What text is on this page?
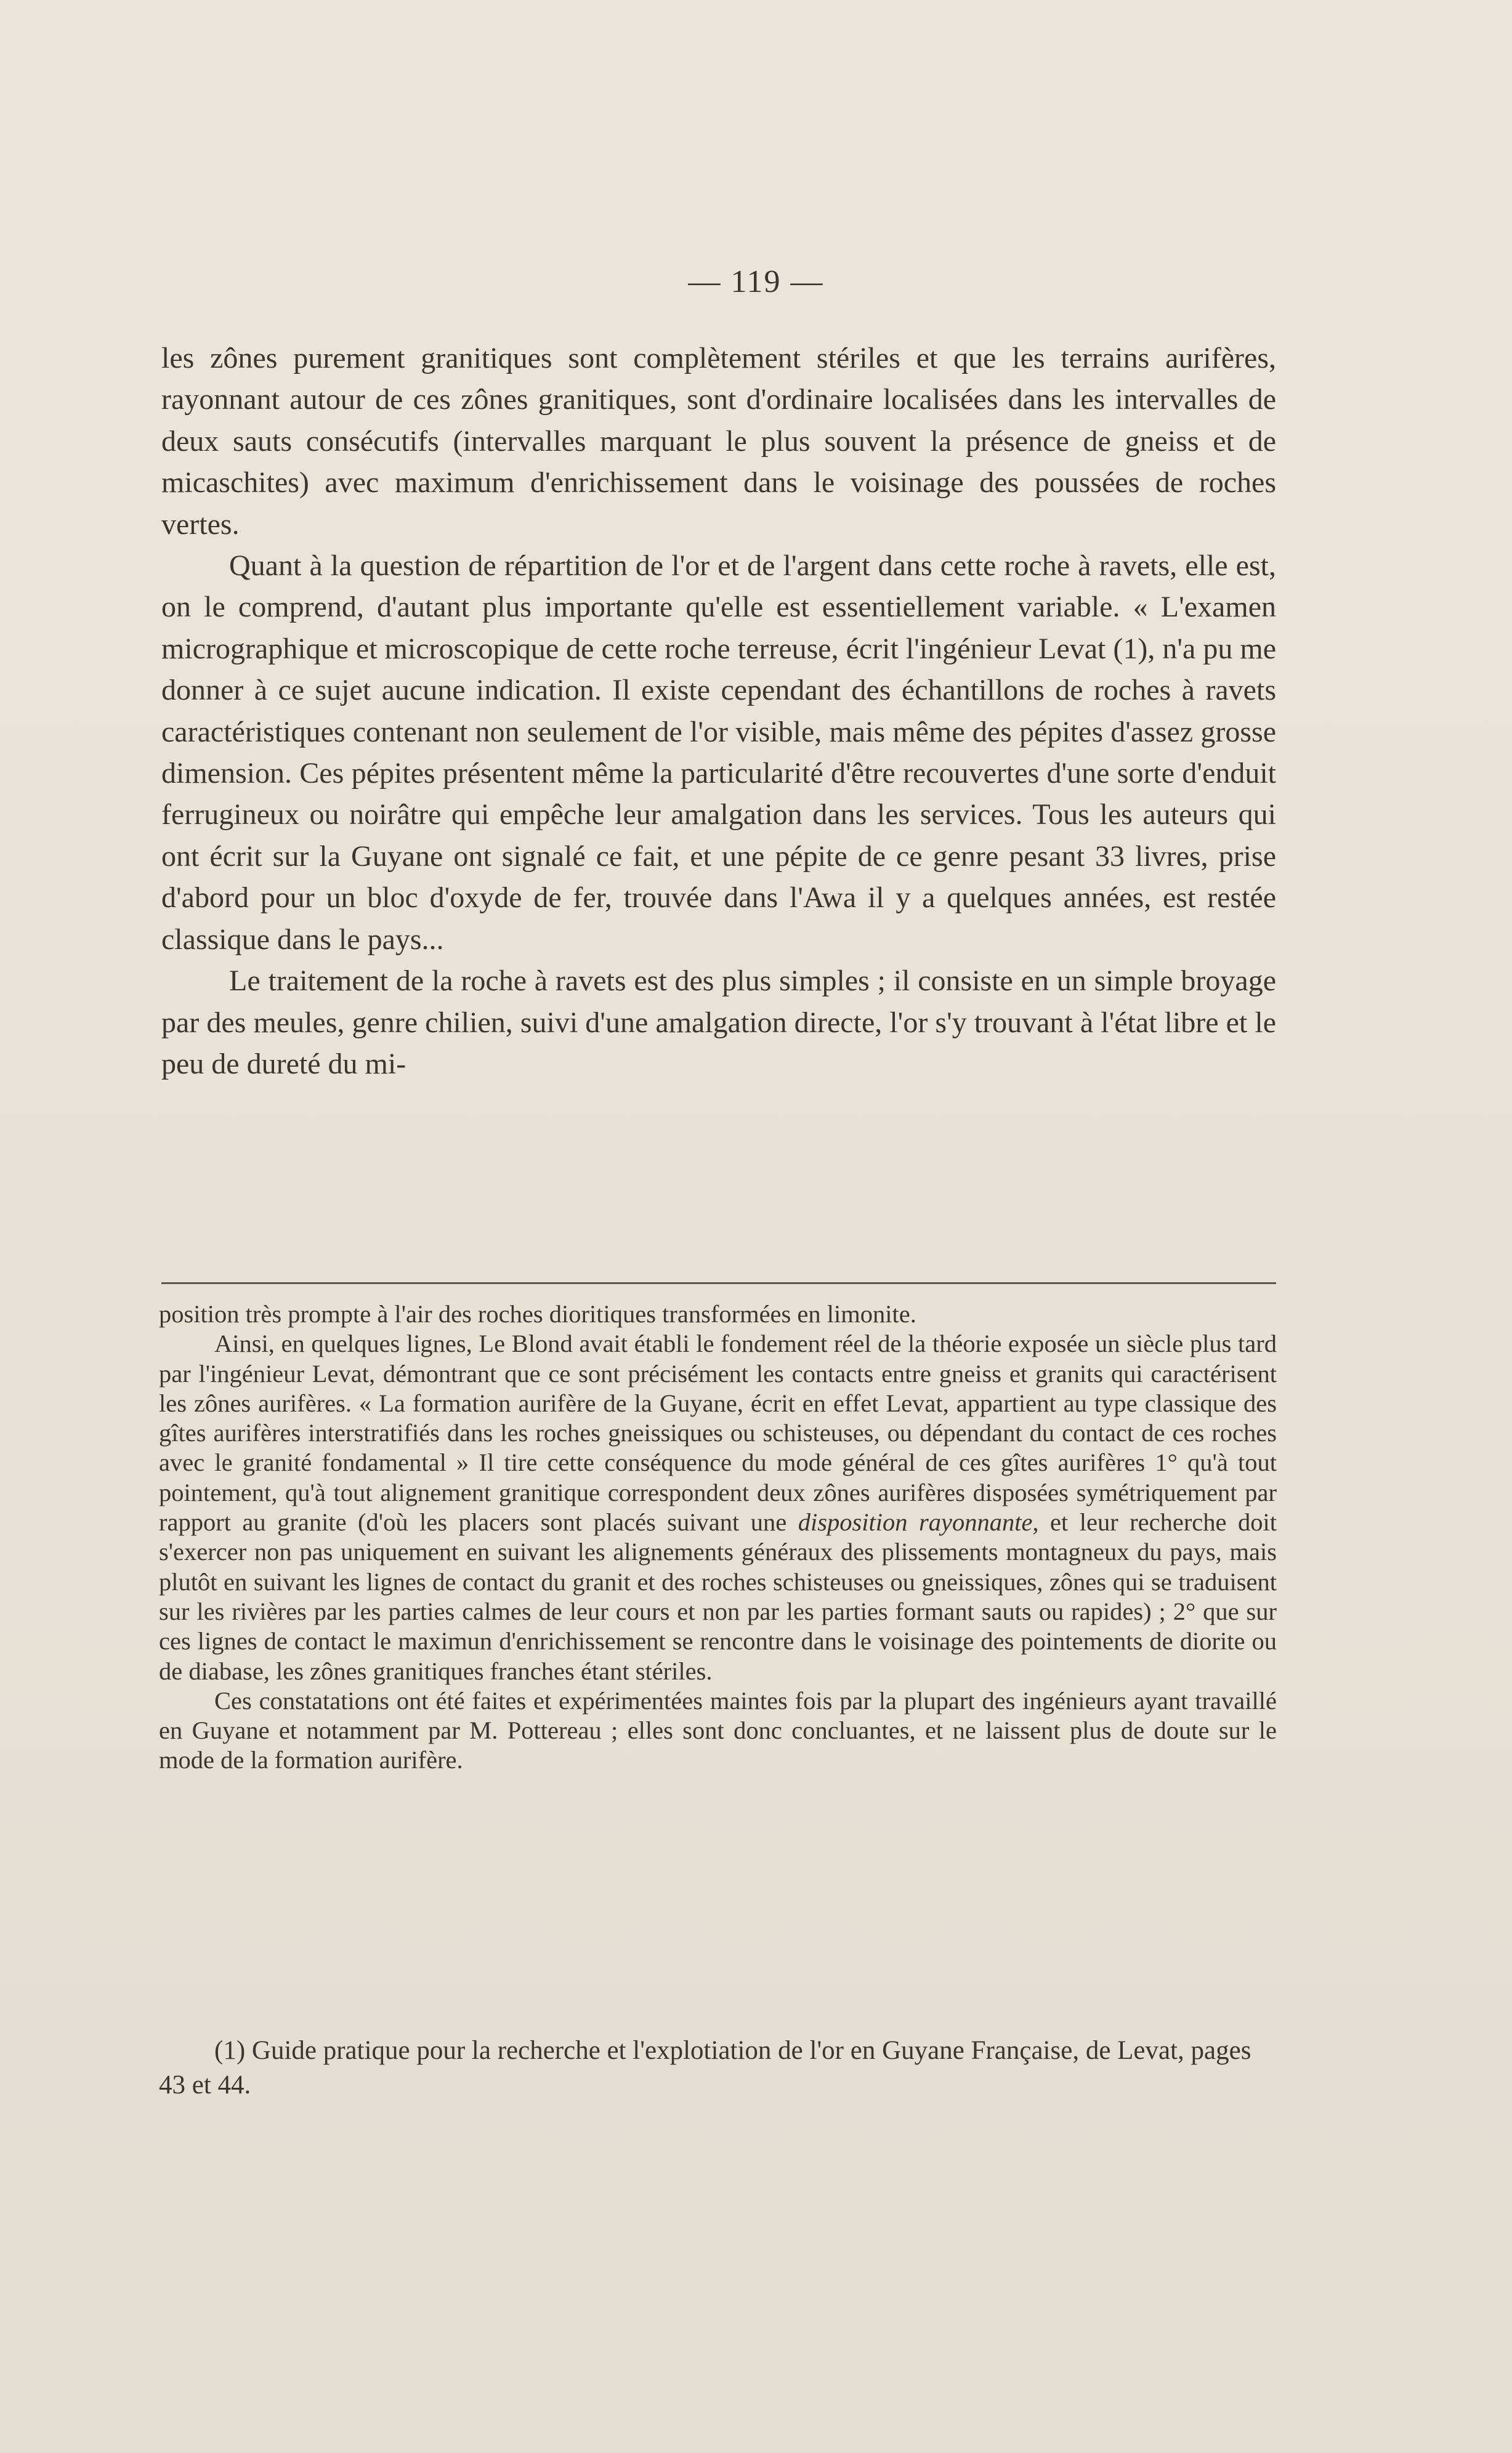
— 119 —

les zônes purement granitiques sont complètement stériles et que les terrains aurifères, rayonnant autour de ces zônes granitiques, sont d'ordinaire localisées dans les intervalles de deux sauts consécutifs (intervalles marquant le plus souvent la présence de gneiss et de micaschites) avec maximum d'enrichissement dans le voisinage des poussées de roches vertes.

Quant à la question de répartition de l'or et de l'argent dans cette roche à ravets, elle est, on le comprend, d'autant plus importante qu'elle est essentiellement variable. « L'examen micrographique et microscopique de cette roche terreuse, écrit l'ingénieur Levat (1), n'a pu me donner à ce sujet aucune indication. Il existe cependant des échantillons de roches à ravets caractéristiques contenant non seulement de l'or visible, mais même des pépites d'assez grosse dimension. Ces pépites présentent même la particularité d'être recouvertes d'une sorte d'enduit ferrugineux ou noirâtre qui empêche leur amalgation dans les services. Tous les auteurs qui ont écrit sur la Guyane ont signalé ce fait, et une pépite de ce genre pesant 33 livres, prise d'abord pour un bloc d'oxyde de fer, trouvée dans l'Awa il y a quelques années, est restée classique dans le pays...

Le traitement de la roche à ravets est des plus simples ; il consiste en un simple broyage par des meules, genre chilien, suivi d'une amalgation directe, l'or s'y trouvant à l'état libre et le peu de dureté du mi-

position très prompte à l'air des roches dioritiques transformées en limonite.

Ainsi, en quelques lignes, Le Blond avait établi le fondement réel de la théorie exposée un siècle plus tard par l'ingénieur Levat, démontrant que ce sont précisément les contacts entre gneiss et granits qui caractérisent les zônes aurifères. « La formation aurifère de la Guyane, écrit en effet Levat, appartient au type classique des gîtes aurifères interstratifiés dans les roches gneissiques ou schisteuses, ou dépendant du contact de ces roches avec le granité fondamental » Il tire cette conséquence du mode général de ces gîtes aurifères 1° qu'à tout pointement, qu'à tout alignement granitique correspondent deux zônes aurifères disposées symétriquement par rapport au granite (d'où les placers sont placés suivant une disposition rayonnante, et leur recherche doit s'exercer non pas uniquement en suivant les alignements généraux des plissements montagneux du pays, mais plutôt en suivant les lignes de contact du granit et des roches schisteuses ou gneissiques, zônes qui se traduisent sur les rivières par les parties calmes de leur cours et non par les parties formant sauts ou rapides) ; 2° que sur ces lignes de contact le maximun d'enrichissement se rencontre dans le voisinage des pointements de diorite ou de diabase, les zônes granitiques franches étant stériles.

Ces constatations ont été faites et expérimentées maintes fois par la plupart des ingénieurs ayant travaillé en Guyane et notamment par M. Pottereau ; elles sont donc concluantes, et ne laissent plus de doute sur le mode de la formation aurifère.

(1) Guide pratique pour la recherche et l'explotiation de l'or en Guyane Française, de Levat, pages 43 et 44.
